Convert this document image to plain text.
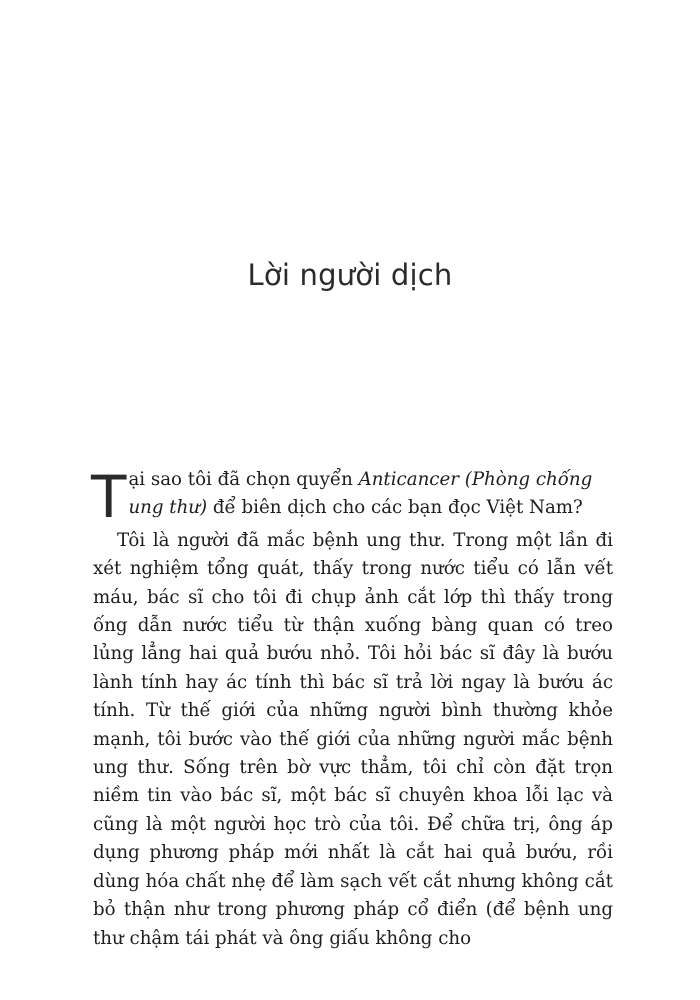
Lời người dịch

Tại sao tôi đã chọn quyển Anticancer (Phòng chống ung thư) để biên dịch cho các bạn đọc Việt Nam?

Tôi là người đã mắc bệnh ung thư. Trong một lần đi xét nghiệm tổng quát, thấy trong nước tiểu có lẫn vết máu, bác sĩ cho tôi đi chụp ảnh cắt lớp thì thấy trong ống dẫn nước tiểu từ thận xuống bàng quan có treo lủng lẳng hai quả bướu nhỏ. Tôi hỏi bác sĩ đây là bướu lành tính hay ác tính thì bác sĩ trả lời ngay là bướu ác tính. Từ thế giới của những người bình thường khỏe mạnh, tôi bước vào thế giới của những người mắc bệnh ung thư. Sống trên bờ vực thẳm, tôi chỉ còn đặt trọn niềm tin vào bác sĩ, một bác sĩ chuyên khoa lỗi lạc và cũng là một người học trò của tôi. Để chữa trị, ông áp dụng phương pháp mới nhất là cắt hai quả bướu, rồi dùng hóa chất nhẹ để làm sạch vết cắt nhưng không cắt bỏ thận như trong phương pháp cổ điển (để bệnh ung thư chậm tái phát và ông giấu không cho
